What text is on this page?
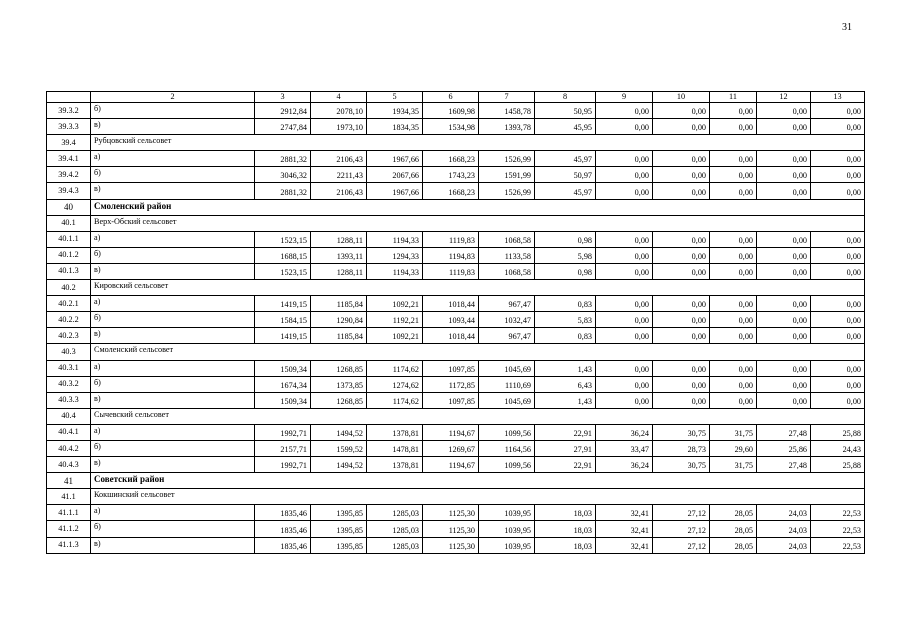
31
	2	3	4	5	6	7	8	9	10	11	12	13
39.3.2	б)	2912,84	2078,10	1934,35	1609,98	1458,78	50,95	0,00	0,00	0,00	0,00	0,00
39.3.3	в)	2747,84	1973,10	1834,35	1534,98	1393,78	45,95	0,00	0,00	0,00	0,00	0,00
39.4	Рубцовский сельсовет											
39.4.1	а)	2881,32	2106,43	1967,66	1668,23	1526,99	45,97	0,00	0,00	0,00	0,00	0,00
39.4.2	б)	3046,32	2211,43	2067,66	1743,23	1591,99	50,97	0,00	0,00	0,00	0,00	0,00
39.4.3	в)	2881,32	2106,43	1967,66	1668,23	1526,99	45,97	0,00	0,00	0,00	0,00	0,00
40	Смоленский район											
40.1	Верх-Обский сельсовет											
40.1.1	а)	1523,15	1288,11	1194,33	1119,83	1068,58	0,98	0,00	0,00	0,00	0,00	0,00
40.1.2	б)	1688,15	1393,11	1294,33	1194,83	1133,58	5,98	0,00	0,00	0,00	0,00	0,00
40.1.3	в)	1523,15	1288,11	1194,33	1119,83	1068,58	0,98	0,00	0,00	0,00	0,00	0,00
40.2	Кировский сельсовет											
40.2.1	а)	1419,15	1185,84	1092,21	1018,44	967,47	0,83	0,00	0,00	0,00	0,00	0,00
40.2.2	б)	1584,15	1290,84	1192,21	1093,44	1032,47	5,83	0,00	0,00	0,00	0,00	0,00
40.2.3	в)	1419,15	1185,84	1092,21	1018,44	967,47	0,83	0,00	0,00	0,00	0,00	0,00
40.3	Смоленский сельсовет											
40.3.1	а)	1509,34	1268,85	1174,62	1097,85	1045,69	1,43	0,00	0,00	0,00	0,00	0,00
40.3.2	б)	1674,34	1373,85	1274,62	1172,85	1110,69	6,43	0,00	0,00	0,00	0,00	0,00
40.3.3	в)	1509,34	1268,85	1174,62	1097,85	1045,69	1,43	0,00	0,00	0,00	0,00	0,00
40.4	Сычевский сельсовет											
40.4.1	а)	1992,71	1494,52	1378,81	1194,67	1099,56	22,91	36,24	30,75	31,75	27,48	25,88
40.4.2	б)	2157,71	1599,52	1478,81	1269,67	1164,56	27,91	33,47	28,73	29,60	25,86	24,43
40.4.3	в)	1992,71	1494,52	1378,81	1194,67	1099,56	22,91	36,24	30,75	31,75	27,48	25,88
41	Советский район											
41.1	Кокшинский сельсовет											
41.1.1	а)	1835,46	1395,85	1285,03	1125,30	1039,95	18,03	32,41	27,12	28,05	24,03	22,53
41.1.2	б)	1835,46	1395,85	1285,03	1125,30	1039,95	18,03	32,41	27,12	28,05	24,03	22,53
41.1.3	в)	1835,46	1395,85	1285,03	1125,30	1039,95	18,03	32,41	27,12	28,05	24,03	22,53
